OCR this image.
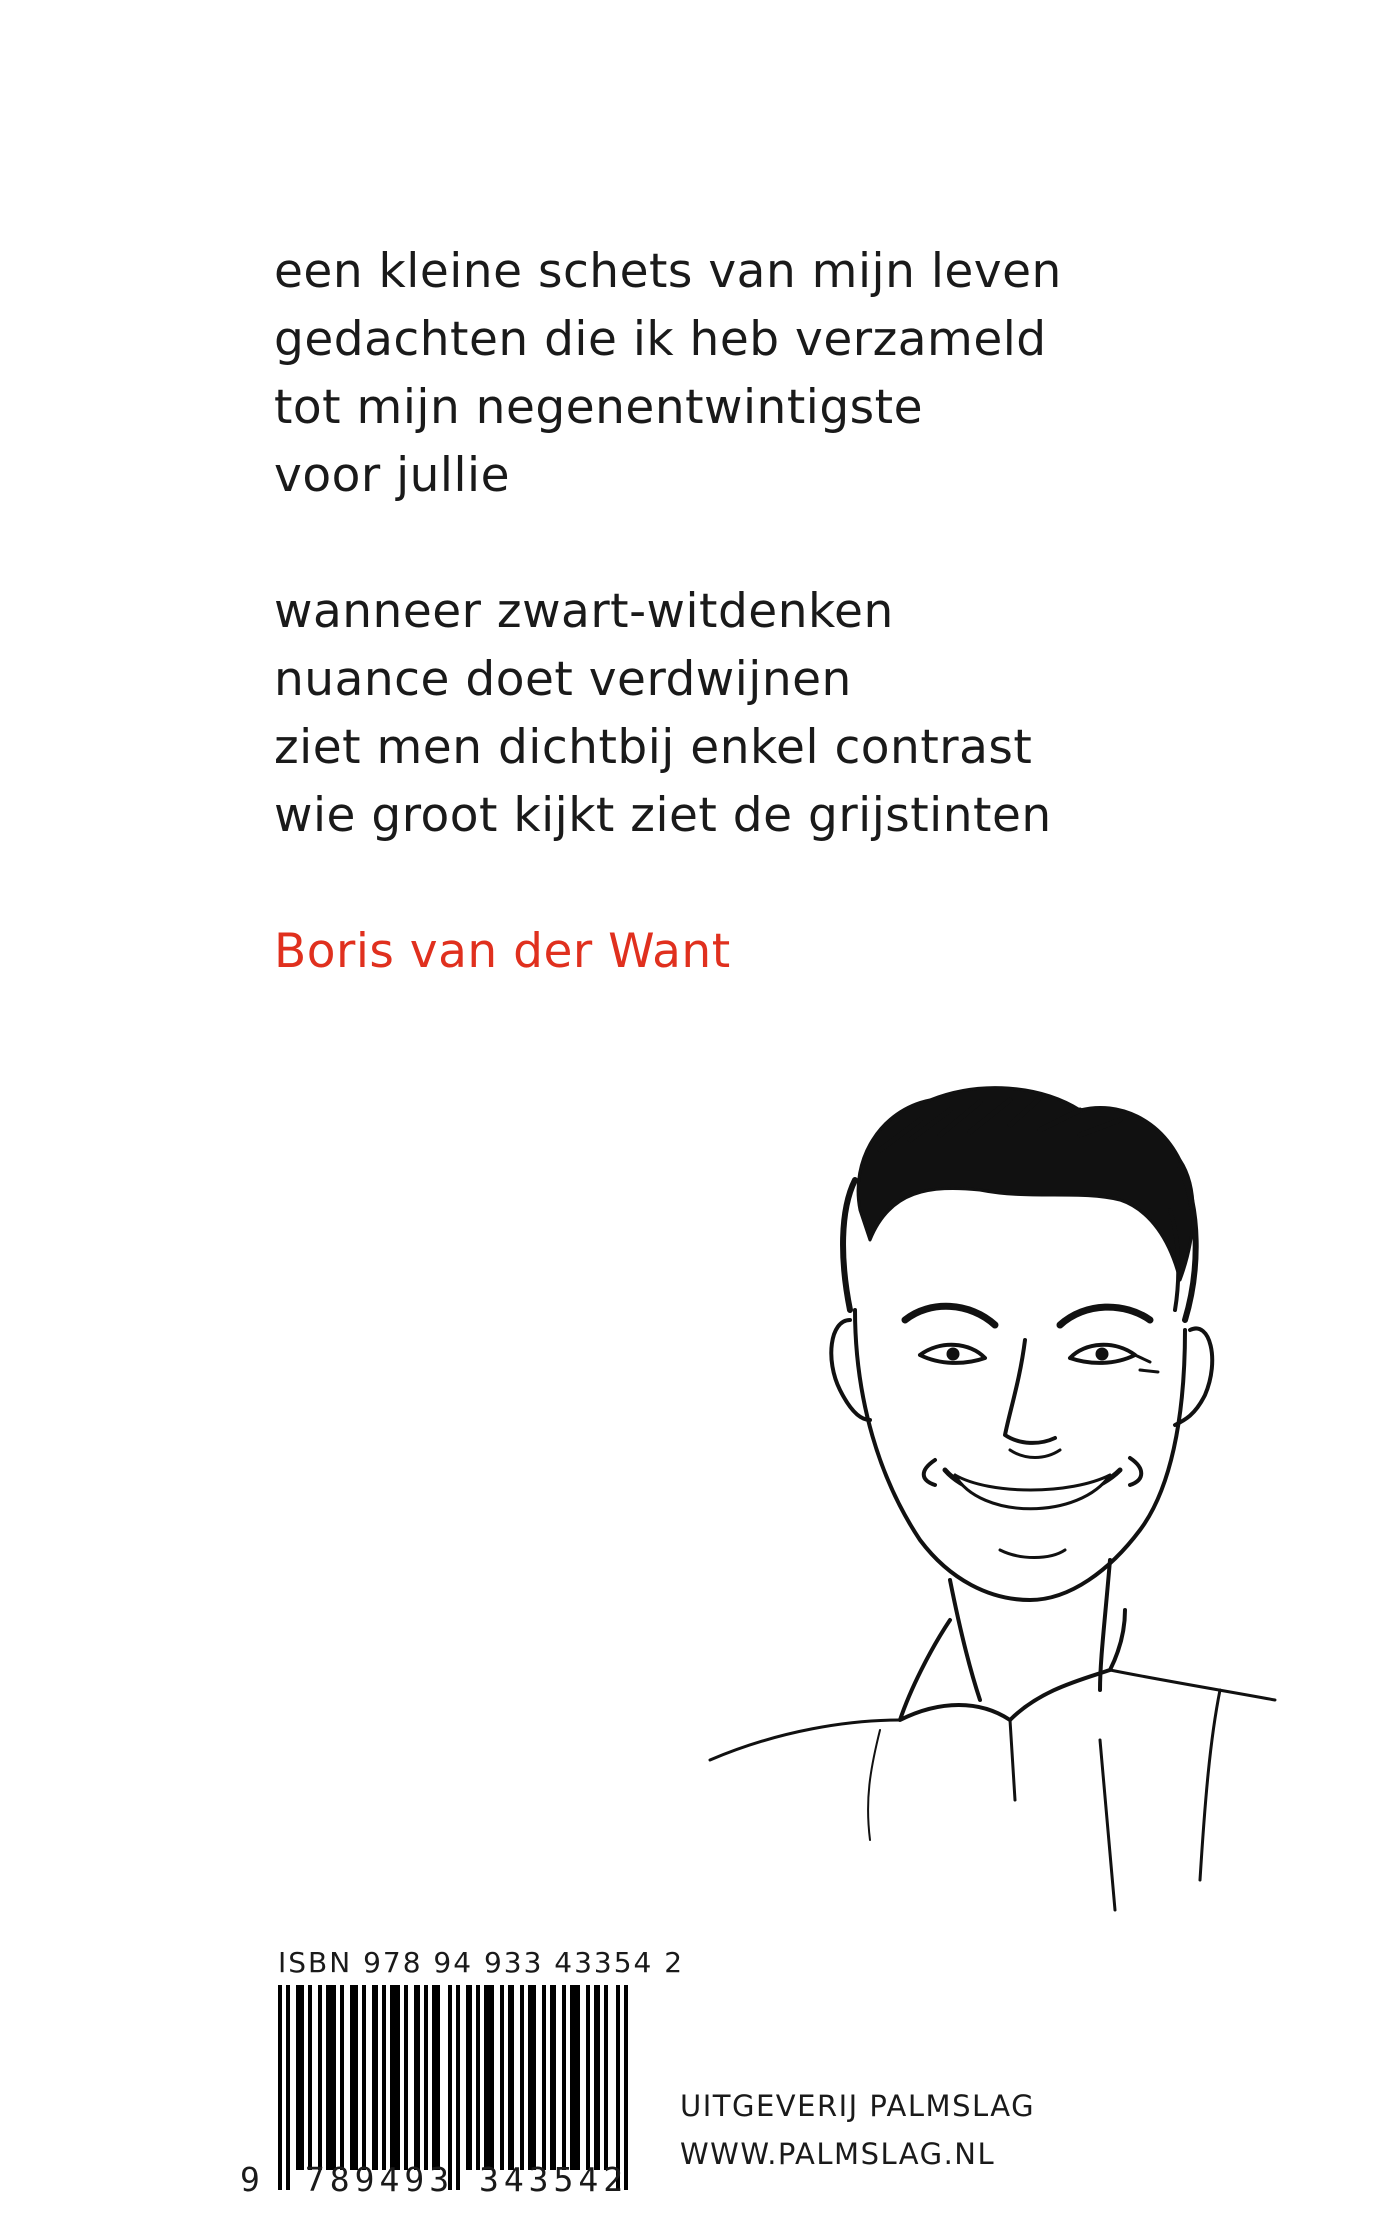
een kleine schets van mijn leven
gedachten die ik heb verzameld
tot mijn negenentwintigste
voor jullie
wanneer zwart-witdenken
nuance doet verdwijnen
ziet men dichtbij enkel contrast
wie groot kijkt ziet de grijstinten
Boris van der Want
ISBN 978 94 933 43354 2
9 789493 343542
UITGEVERIJ PALMSLAG
WWW.PALMSLAG.NL
